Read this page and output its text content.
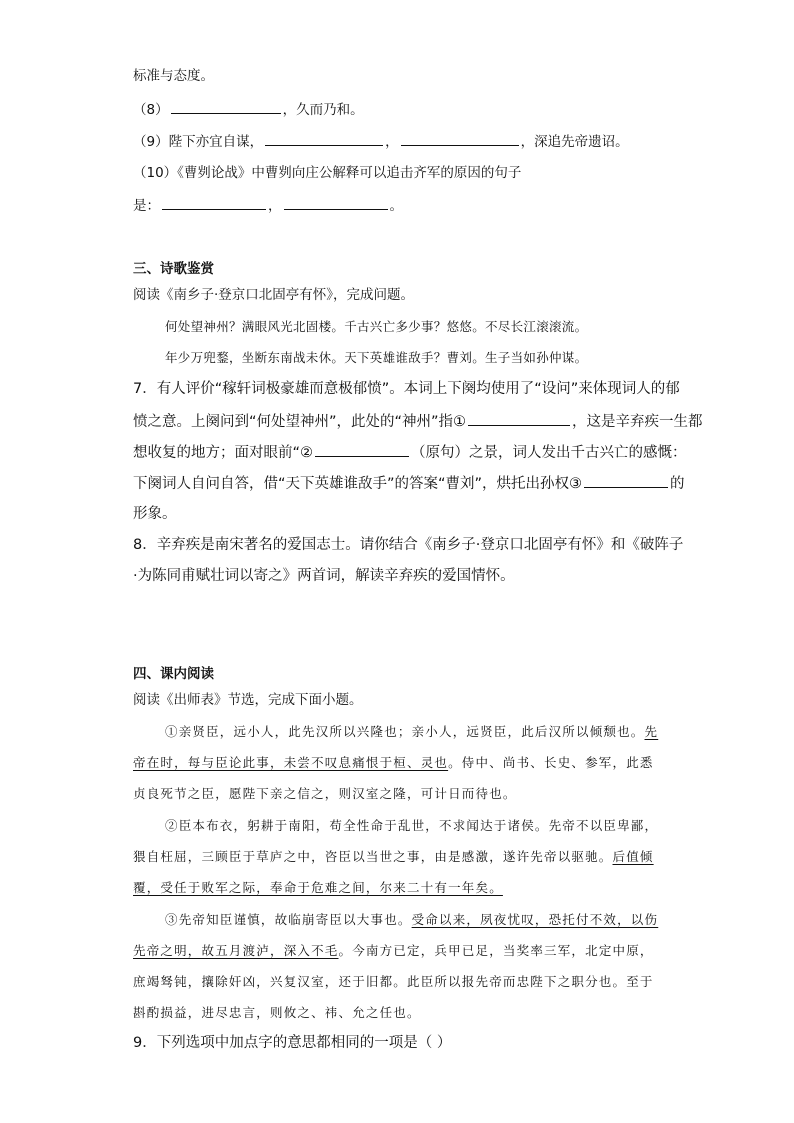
标准与态度。
（8）	，久而乃和。
（9）陛下亦宜自谋，	，	，深追先帝遗诏。
（10）《曹刿论战》中曹刿向庄公解释可以追击齐军的原因的句子
是：	，	。
三、诗歌鉴赏
阅读《南乡子·登京口北固亭有怀》，完成问题。
何处望神州？满眼风光北固楼。千古兴亡多少事？悠悠。不尽长江滚滚流。
年少万兜鍪，坐断东南战未休。天下英雄谁敌手？曹刘。生子当如孙仲谋。
7．有人评价“稼轩词极豪雄而意极郁愤”。本词上下阕均使用了“设问”来体现词人的郁
愤之意。上阕问到“何处望神州”，此处的“神州”指①	，这是辛弃疾一生都
想收复的地方；面对眼前“②	（原句）之景，词人发出千古兴亡的感慨：
下阕词人自问自答，借“天下英雄谁敌手”的答案“曹刘”，烘托出孙权③	的
形象。
8．辛弃疾是南宋著名的爱国志士。请你结合《南乡子·登京口北固亭有怀》和《破阵子
·为陈同甫赋壮词以寄之》两首词，解读辛弃疾的爱国情怀。
四、课内阅读
阅读《出师表》节选，完成下面小题。
①亲贤臣，远小人，此先汉所以兴隆也；亲小人，远贤臣，此后汉所以倾颓也。先
帝在时，每与臣论此事，未尝不叹息痛恨于桓、灵也。侍中、尚书、长史、参军，此悉
贞良死节之臣，愿陛下亲之信之，则汉室之隆，可计日而待也。
②臣本布衣，躬耕于南阳，苟全性命于乱世，不求闻达于诸侯。先帝不以臣卑鄙，
猥自枉屈，三顾臣于草庐之中，咨臣以当世之事，由是感激，遂许先帝以驱驰。后值倾
覆，受任于败军之际，奉命于危难之间，尔来二十有一年矣。
③先帝知臣谨慎，故临崩寄臣以大事也。受命以来，夙夜忧叹，恐托付不效，以伤
先帝之明，故五月渡泸，深入不毛。今南方已定，兵甲已足，当奖率三军，北定中原，
庶竭驽钝，攘除奸凶，兴复汉室，还于旧都。此臣所以报先帝而忠陛下之职分也。至于
斟酌损益，进尽忠言，则攸之、祎、允之任也。
9．下列选项中加点字的意思都相同的一项是（ ）
